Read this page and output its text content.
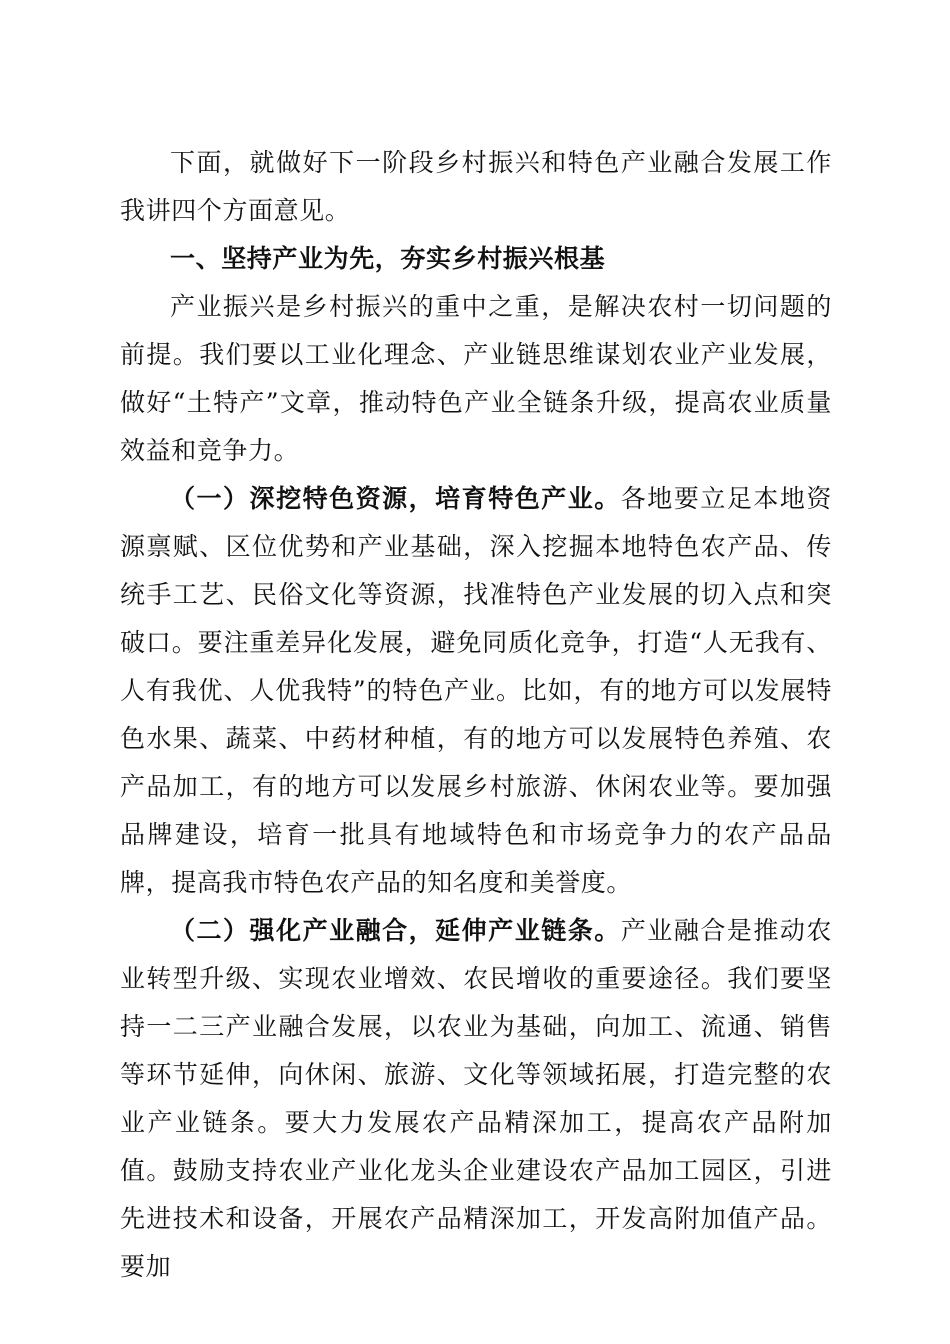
下面，就做好下一阶段乡村振兴和特色产业融合发展工作我讲四个方面意见。

一、坚持产业为先，夯实乡村振兴根基

产业振兴是乡村振兴的重中之重，是解决农村一切问题的前提。我们要以工业化理念、产业链思维谋划农业产业发展，做好“土特产”文章，推动特色产业全链条升级，提高农业质量效益和竞争力。

（一）深挖特色资源，培育特色产业。各地要立足本地资源禀赋、区位优势和产业基础，深入挖掘本地特色农产品、传统手工艺、民俗文化等资源，找准特色产业发展的切入点和突破口。要注重差异化发展，避免同质化竞争，打造“人无我有、人有我优、人优我特”的特色产业。比如，有的地方可以发展特色水果、蔬菜、中药材种植，有的地方可以发展特色养殖、农产品加工，有的地方可以发展乡村旅游、休闲农业等。要加强品牌建设，培育一批具有地域特色和市场竞争力的农产品品牌，提高我市特色农产品的知名度和美誉度。

（二）强化产业融合，延伸产业链条。产业融合是推动农业转型升级、实现农业增效、农民增收的重要途径。我们要坚持一二三产业融合发展，以农业为基础，向加工、流通、销售等环节延伸，向休闲、旅游、文化等领域拓展，打造完整的农业产业链条。要大力发展农产品精深加工，提高农产品附加值。鼓励支持农业产业化龙头企业建设农产品加工园区，引进先进技术和设备，开展农产品精深加工，开发高附加值产品。要加
